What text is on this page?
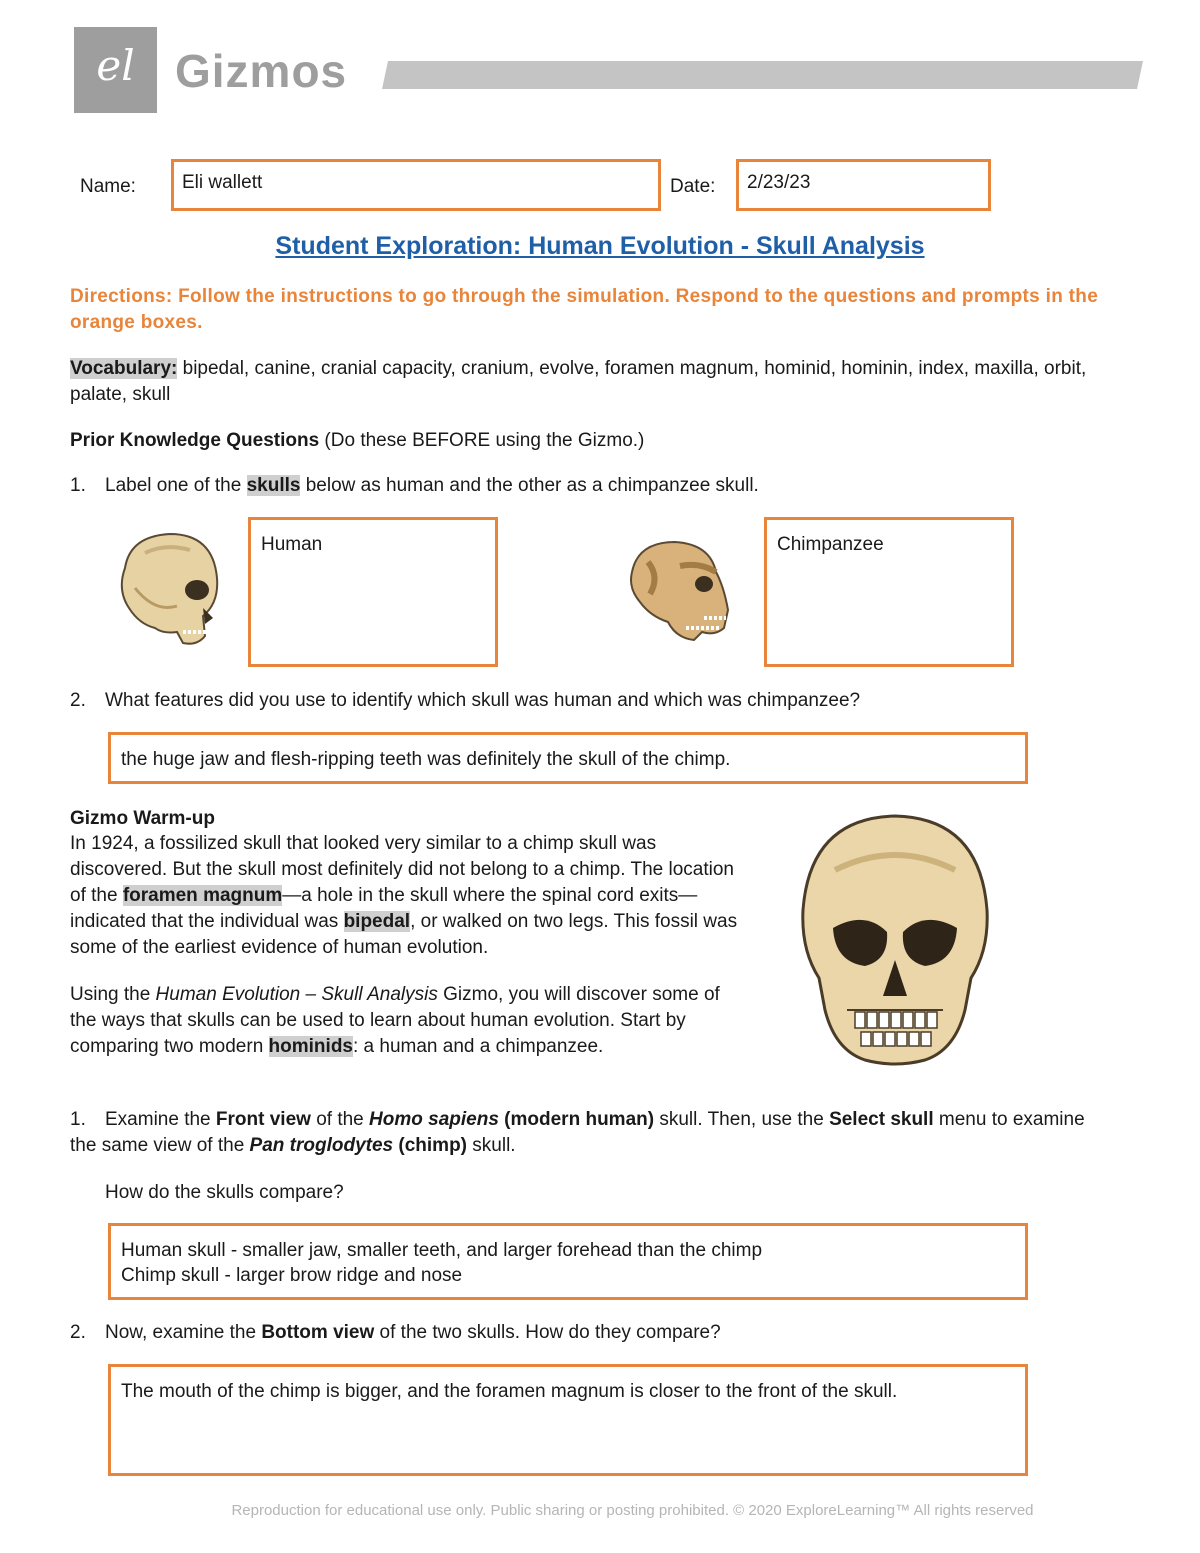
el Gizmos
Name:	Eli wallett	Date:	2/23/23
Student Exploration: Human Evolution - Skull Analysis
Directions: Follow the instructions to go through the simulation. Respond to the questions and prompts in the orange boxes.
Vocabulary: bipedal, canine, cranial capacity, cranium, evolve, foramen magnum, hominid, hominin, index, maxilla, orbit, palate, skull
Prior Knowledge Questions (Do these BEFORE using the Gizmo.)
1. Label one of the skulls below as human and the other as a chimpanzee skull.
Human	Chimpanzee
2. What features did you use to identify which skull was human and which was chimpanzee?
the huge jaw and flesh-ripping teeth was definitely the skull of the chimp.
Gizmo Warm-up
In 1924, a fossilized skull that looked very similar to a chimp skull was discovered. But the skull most definitely did not belong to a chimp. The location of the foramen magnum—a hole in the skull where the spinal cord exits—indicated that the individual was bipedal, or walked on two legs. This fossil was some of the earliest evidence of human evolution.
Using the Human Evolution – Skull Analysis Gizmo, you will discover some of the ways that skulls can be used to learn about human evolution. Start by comparing two modern hominids: a human and a chimpanzee.
1. Examine the Front view of the Homo sapiens (modern human) skull. Then, use the Select skull menu to examine the same view of the Pan troglodytes (chimp) skull.
How do the skulls compare?
Human skull - smaller jaw, smaller teeth, and larger forehead than the chimp
Chimp skull - larger brow ridge and nose
2. Now, examine the Bottom view of the two skulls. How do they compare?
The mouth of the chimp is bigger, and the foramen magnum is closer to the front of the skull.
Reproduction for educational use only. Public sharing or posting prohibited. © 2020 ExploreLearning™ All rights reserved
